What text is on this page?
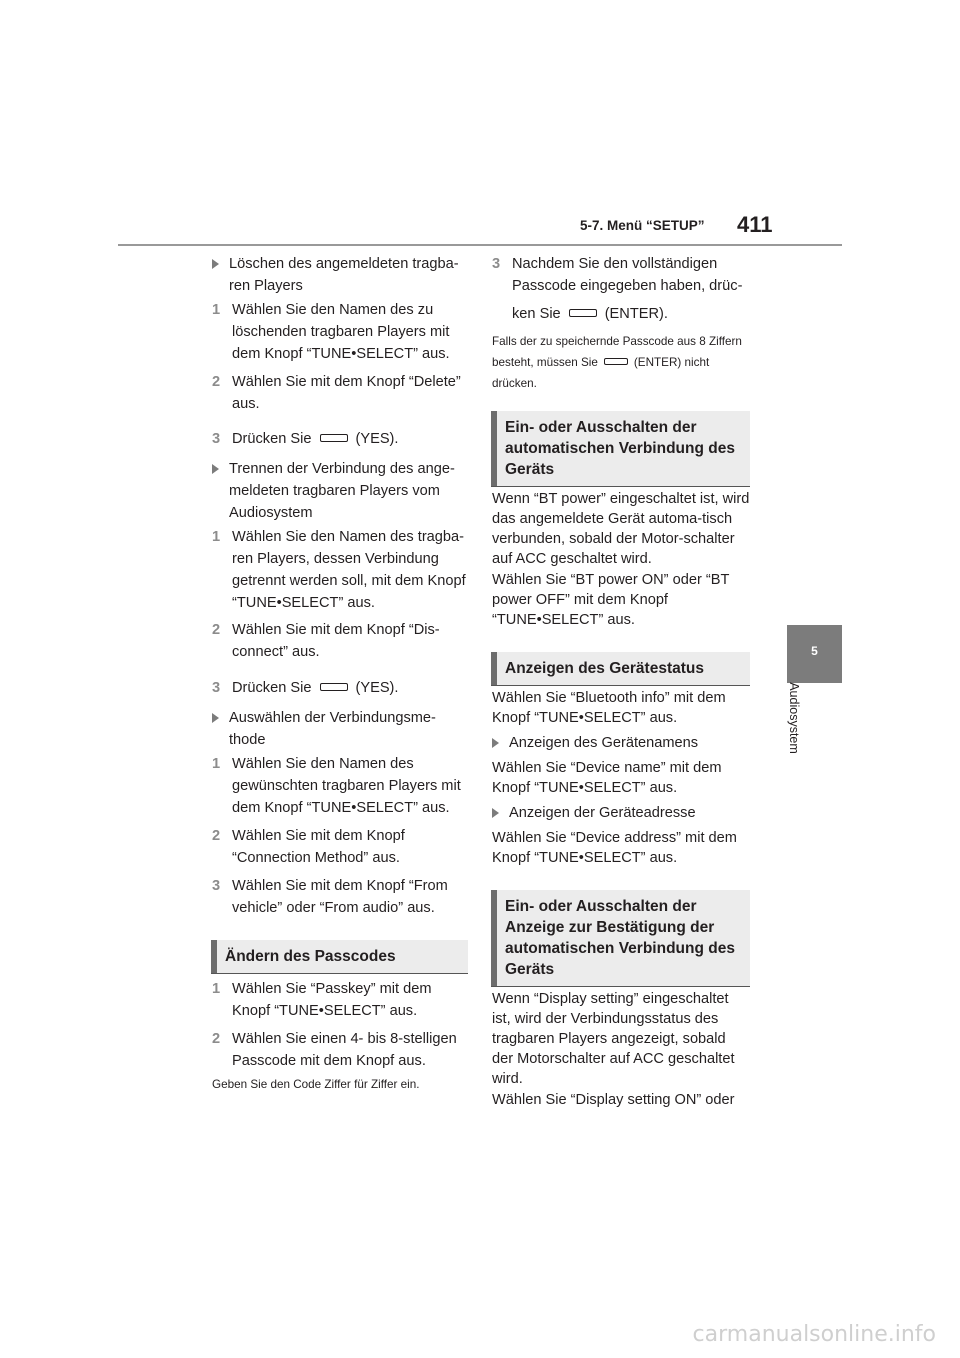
5-7. Menü “SETUP” 411
5
Audiosystem
Löschen des angemeldeten tragba-ren Players
1 Wählen Sie den Namen des zu löschenden tragbaren Players mit dem Knopf “TUNE•SELECT” aus.
2 Wählen Sie mit dem Knopf “Delete” aus.
3 Drücken Sie	(YES).
Trennen der Verbindung des ange-meldeten tragbaren Players vom Audiosystem
1 Wählen Sie den Namen des tragba-ren Players, dessen Verbindung getrennt werden soll, mit dem Knopf “TUNE•SELECT” aus.
2 Wählen Sie mit dem Knopf “Dis-connect” aus.
3 Drücken Sie	(YES).
Auswählen der Verbindungsme-thode
1 Wählen Sie den Namen des gewünschten tragbaren Players mit dem Knopf “TUNE•SELECT” aus.
2 Wählen Sie mit dem Knopf “Connection Method” aus.
3 Wählen Sie mit dem Knopf “From vehicle” oder “From audio” aus.
Ändern des Passcodes
1 Wählen Sie “Passkey” mit dem Knopf “TUNE•SELECT” aus.
2 Wählen Sie einen 4- bis 8-stelligen Passcode mit dem Knopf aus.
Geben Sie den Code Ziffer für Ziffer ein.
3 Nachdem Sie den vollständigen Passcode eingegeben haben, drüc-
ken Sie	(ENTER).
Falls der zu speichernde Passcode aus 8 Ziffern besteht, müssen Sie	(ENTER) nicht drücken.
Ein- oder Ausschalten der automatischen Verbindung des Geräts
Wenn “BT power” eingeschaltet ist, wird das angemeldete Gerät automa-tisch verbunden, sobald der Motor-schalter auf ACC geschaltet wird.
Wählen Sie “BT power ON” oder “BT power OFF” mit dem Knopf “TUNE•SELECT” aus.
Anzeigen des Gerätestatus
Wählen Sie “Bluetooth info” mit dem Knopf “TUNE•SELECT” aus.
Anzeigen des Gerätenamens
Wählen Sie “Device name” mit dem Knopf “TUNE•SELECT” aus.
Anzeigen der Geräteadresse
Wählen Sie “Device address” mit dem Knopf “TUNE•SELECT” aus.
Ein- oder Ausschalten der Anzeige zur Bestätigung der automatischen Verbindung des Geräts
Wenn “Display setting” eingeschaltet ist, wird der Verbindungsstatus des tragbaren Players angezeigt, sobald der Motorschalter auf ACC geschaltet wird.
Wählen Sie “Display setting ON” oder
carmanualsonline.info
